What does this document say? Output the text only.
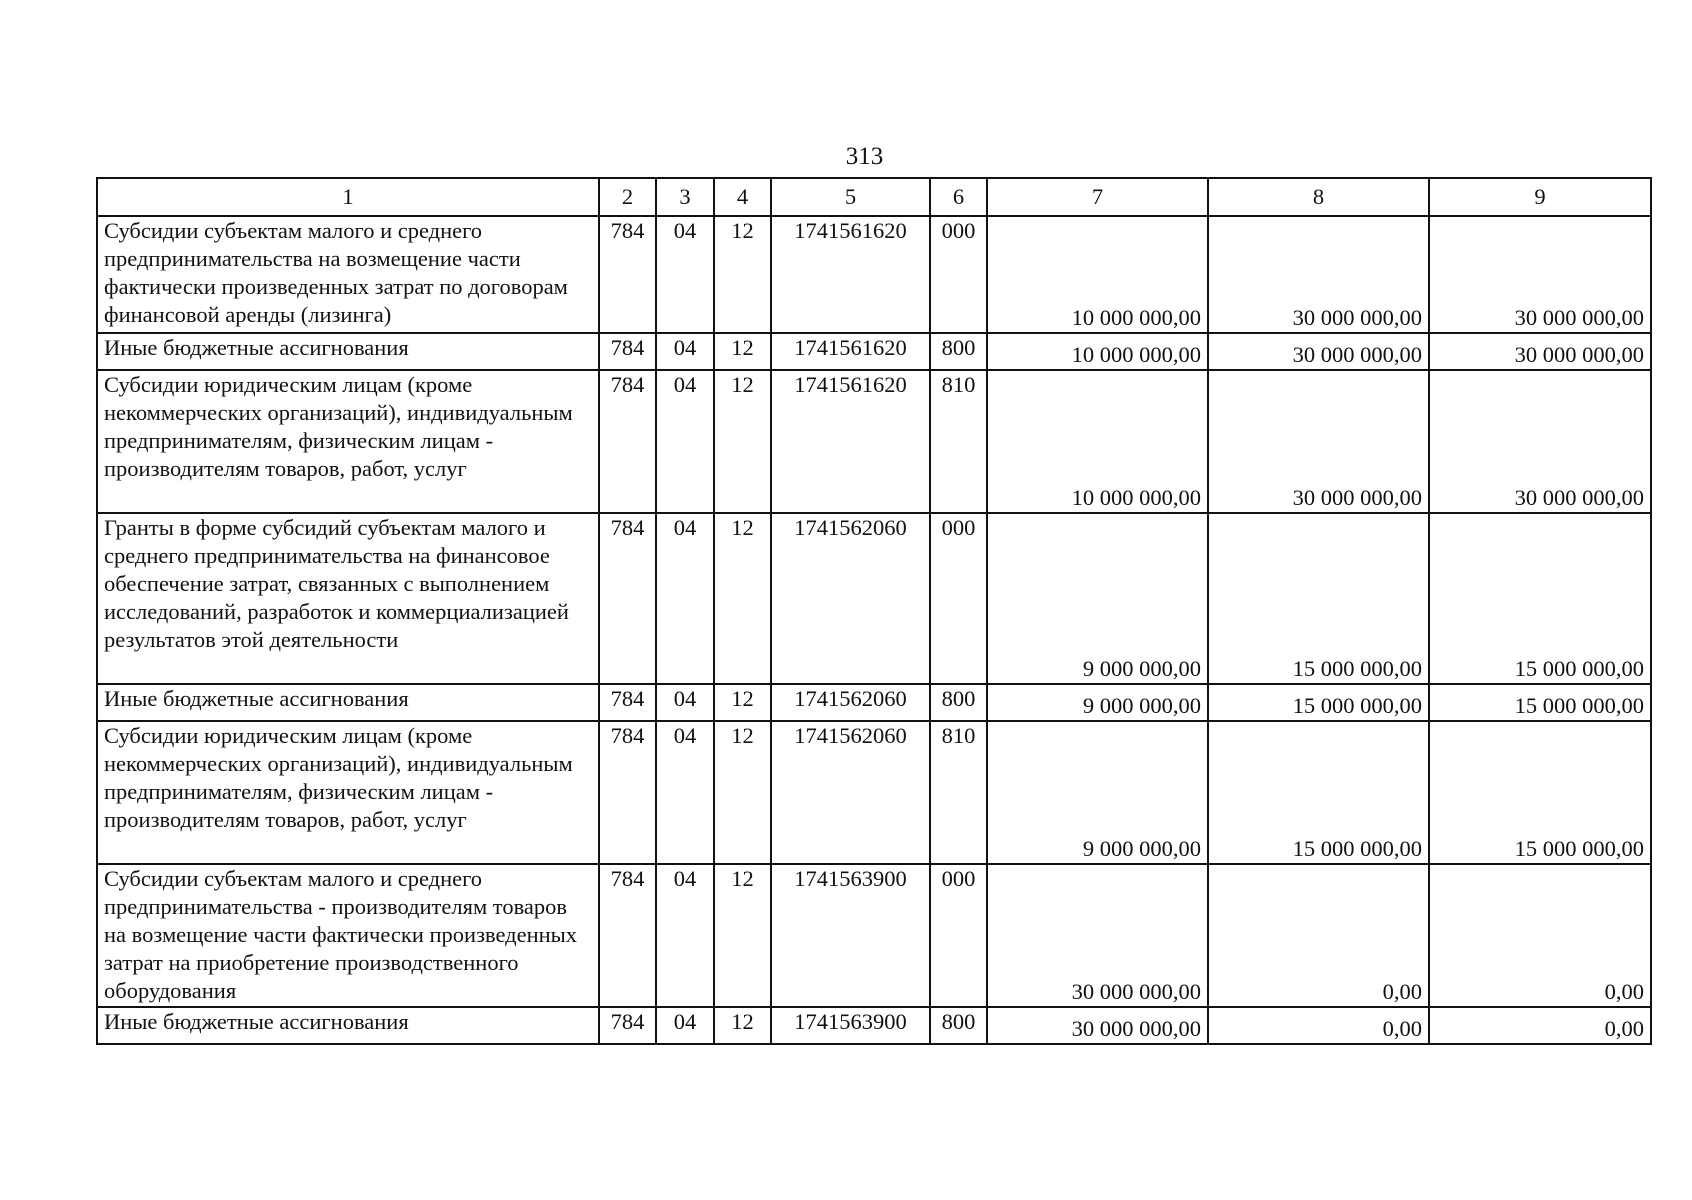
313
1	2	3	4	5	6	7	8	9
Субсидии субъектам малого и среднего предпринимательства на возмещение части фактически произведенных затрат по договорам финансовой аренды (лизинга)	784	04	12	1741561620	000	10 000 000,00	30 000 000,00	30 000 000,00
Иные бюджетные ассигнования	784	04	12	1741561620	800	10 000 000,00	30 000 000,00	30 000 000,00
Субсидии юридическим лицам (кроме некоммерческих организаций), индивидуальным предпринимателям, физическим лицам - производителям товаров, работ, услуг	784	04	12	1741561620	810	10 000 000,00	30 000 000,00	30 000 000,00
Гранты в форме субсидий субъектам малого и среднего предпринимательства на финансовое обеспечение затрат, связанных с выполнением исследований, разработок и коммерциализацией результатов этой деятельности	784	04	12	1741562060	000	9 000 000,00	15 000 000,00	15 000 000,00
Иные бюджетные ассигнования	784	04	12	1741562060	800	9 000 000,00	15 000 000,00	15 000 000,00
Субсидии юридическим лицам (кроме некоммерческих организаций), индивидуальным предпринимателям, физическим лицам - производителям товаров, работ, услуг	784	04	12	1741562060	810	9 000 000,00	15 000 000,00	15 000 000,00
Субсидии субъектам малого и среднего предпринимательства - производителям товаров на возмещение части фактически произведенных затрат на приобретение производственного оборудования	784	04	12	1741563900	000	30 000 000,00	0,00	0,00
Иные бюджетные ассигнования	784	04	12	1741563900	800	30 000 000,00	0,00	0,00
